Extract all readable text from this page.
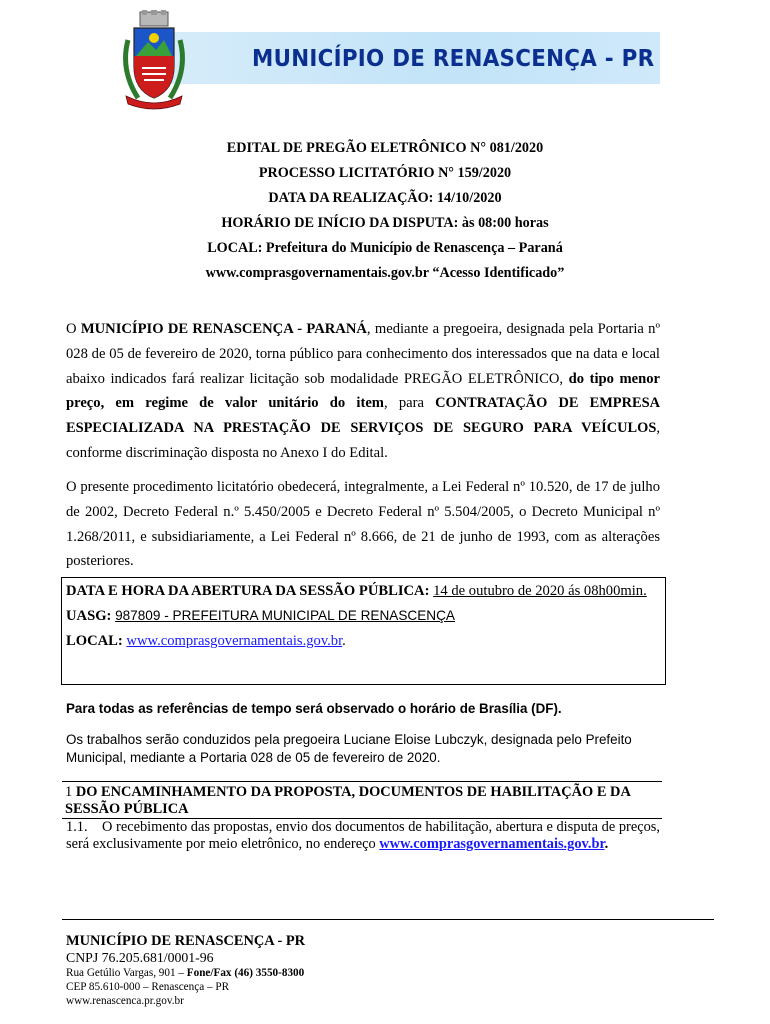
MUNICÍPIO DE RENASCENÇA - PR
EDITAL DE PREGÃO ELETRÔNICO N° 081/2020
PROCESSO LICITATÓRIO N° 159/2020
DATA DA REALIZAÇÃO: 14/10/2020
HORÁRIO DE INÍCIO DA DISPUTA: às 08:00 horas
LOCAL: Prefeitura do Município de Renascença – Paraná
www.comprasgovernamentais.gov.br “Acesso Identificado”

O MUNICÍPIO DE RENASCENÇA - PARANÁ, mediante a pregoeira, designada pela Portaria nº 028 de 05 de fevereiro de 2020, torna público para conhecimento dos interessados que na data e local abaixo indicados fará realizar licitação sob modalidade PREGÃO ELETRÔNICO, do tipo menor preço, em regime de valor unitário do item, para CONTRATAÇÃO DE EMPRESA ESPECIALIZADA NA PRESTAÇÃO DE SERVIÇOS DE SEGURO PARA VEÍCULOS, conforme discriminação disposta no Anexo I do Edital.

O presente procedimento licitatório obedecerá, integralmente, a Lei Federal nº 10.520, de 17 de julho de 2002, Decreto Federal n.º 5.450/2005 e Decreto Federal nº 5.504/2005, o Decreto Municipal nº 1.268/2011, e subsidiariamente, a Lei Federal nº 8.666, de 21 de junho de 1993, com as alterações posteriores.

DATA E HORA DA ABERTURA DA SESSÃO PÚBLICA: 14 de outubro de 2020 ás 08h00min.

UASG: 987809 - PREFEITURA MUNICIPAL DE RENASCENÇA

LOCAL: www.comprasgovernamentais.gov.br.

Para todas as referências de tempo será observado o horário de Brasília (DF).
Os trabalhos serão conduzidos pela pregoeira Luciane Eloise Lubczyk, designada pelo Prefeito Municipal, mediante a Portaria 028 de 05 de fevereiro de 2020.
1 DO ENCAMINHAMENTO DA PROPOSTA, DOCUMENTOS DE HABILITAÇÃO E DA SESSÃO PÚBLICA

1.1. O recebimento das propostas, envio dos documentos de habilitação, abertura e disputa de preços, será exclusivamente por meio eletrônico, no endereço www.comprasgovernamentais.gov.br.

MUNICÍPIO DE RENASCENÇA - PR
CNPJ 76.205.681/0001-96
Rua Getúlio Vargas, 901 – Fone/Fax (46) 3550-8300
CEP 85.610-000 – Renascença – PR
www.renascenca.pr.gov.br
